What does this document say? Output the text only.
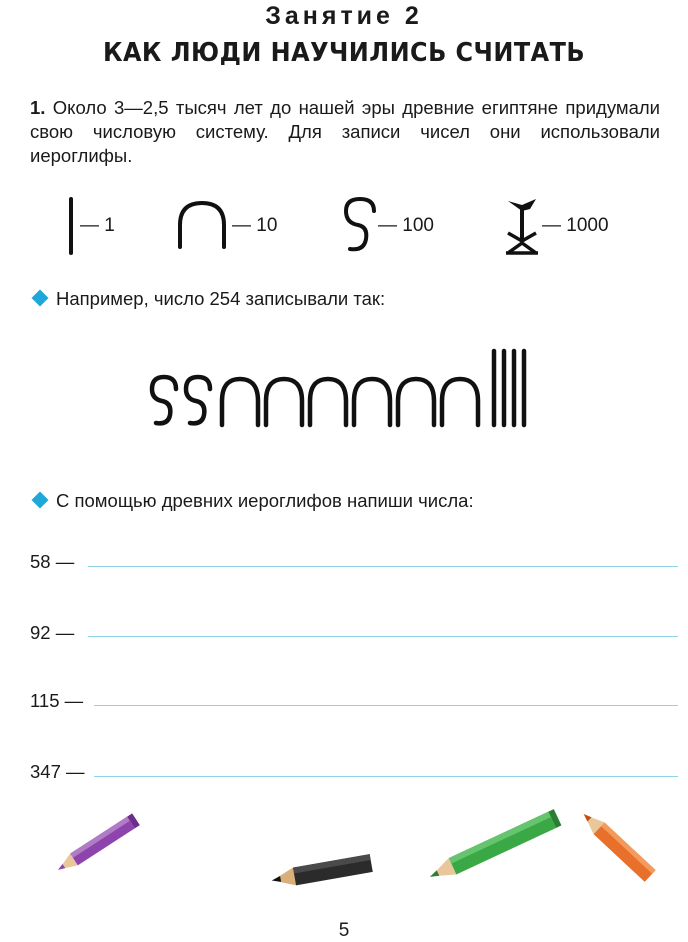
Занятие 2
КАК ЛЮДИ НАУЧИЛИСЬ СЧИТАТЬ
1. Около 3—2,5 тысяч лет до нашей эры древние египтяне придумали свою числовую систему. Для записи чисел они использовали иероглифы.
— 1	— 10	— 100	— 1000
Например, число 254 записывали так:
С помощью древних иероглифов напиши числа:
58 —
92 —
115 —
347 —
5
